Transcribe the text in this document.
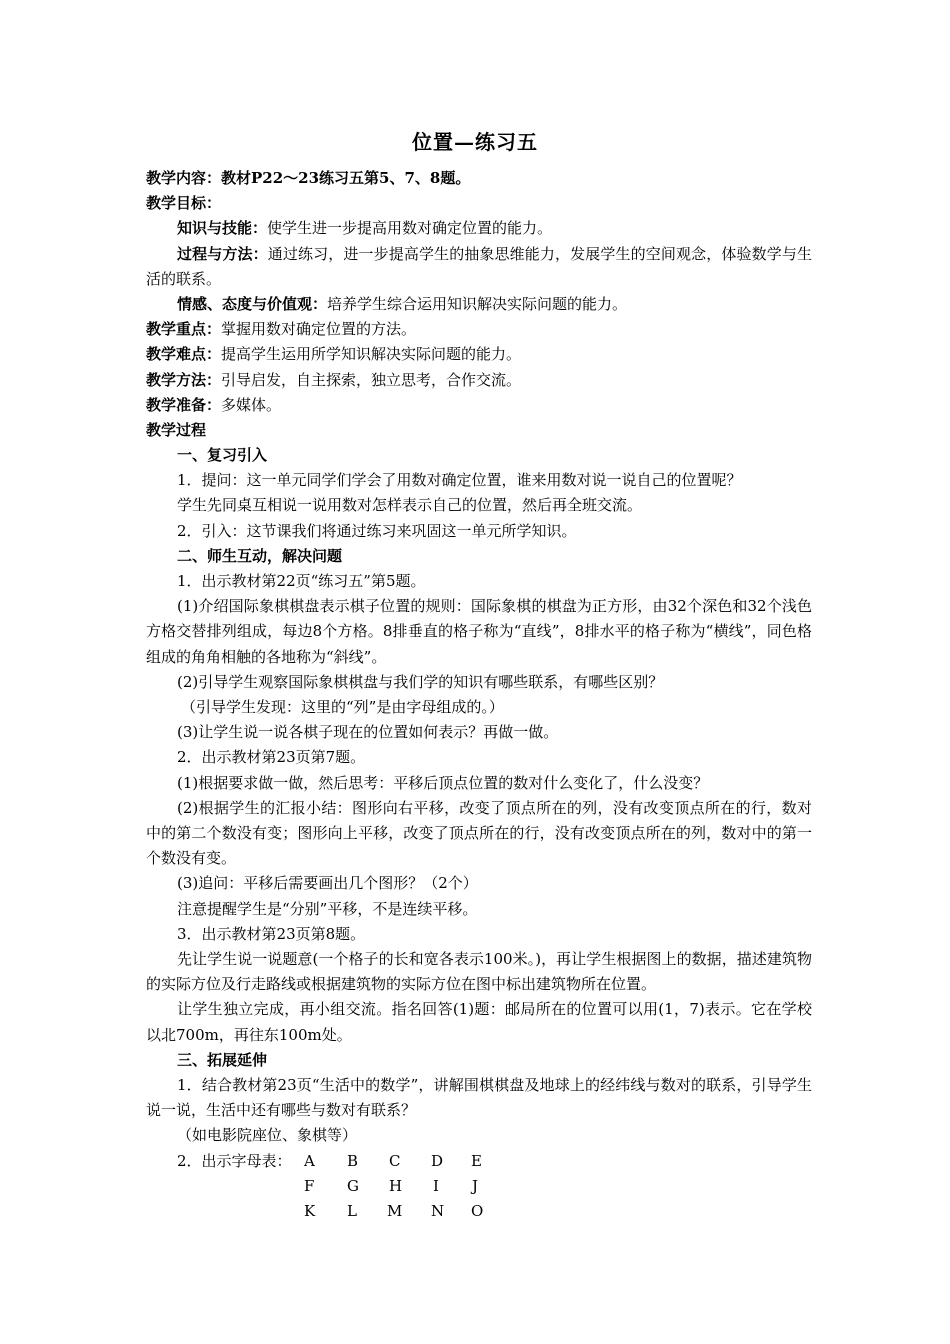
位置—练习五
教学内容：教材P22～23练习五第5、7、8题。
教学目标：
知识与技能：使学生进一步提高用数对确定位置的能力。
过程与方法：通过练习，进一步提高学生的抽象思维能力，发展学生的空间观念，体验数学与生活的联系。
情感、态度与价值观：培养学生综合运用知识解决实际问题的能力。
教学重点：掌握用数对确定位置的方法。
教学难点：提高学生运用所学知识解决实际问题的能力。
教学方法：引导启发，自主探索，独立思考，合作交流。
教学准备：多媒体。
教学过程
一、复习引入
1．提问：这一单元同学们学会了用数对确定位置，谁来用数对说一说自己的位置呢？
学生先同桌互相说一说用数对怎样表示自己的位置，然后再全班交流。
2．引入：这节课我们将通过练习来巩固这一单元所学知识。
二、师生互动，解决问题
1．出示教材第22页“练习五”第5题。
(1)介绍国际象棋棋盘表示棋子位置的规则：国际象棋的棋盘为正方形，由32个深色和32个浅色方格交替排列组成，每边8个方格。8排垂直的格子称为“直线”，8排水平的格子称为“横线”，同色格组成的角角相触的各地称为“斜线”。
(2)引导学生观察国际象棋棋盘与我们学的知识有哪些联系，有哪些区别？
（引导学生发现：这里的“列”是由字母组成的。）
(3)让学生说一说各棋子现在的位置如何表示？再做一做。
2．出示教材第23页第7题。
(1)根据要求做一做，然后思考：平移后顶点位置的数对什么变化了，什么没变？
(2)根据学生的汇报小结：图形向右平移，改变了顶点所在的列，没有改变顶点所在的行，数对中的第二个数没有变；图形向上平移，改变了顶点所在的行，没有改变顶点所在的列，数对中的第一个数没有变。
(3)追问：平移后需要画出几个图形？（2个）
注意提醒学生是“分别”平移，不是连续平移。
3．出示教材第23页第8题。
先让学生说一说题意(一个格子的长和宽各表示100米。)，再让学生根据图上的数据，描述建筑物的实际方位及行走路线或根据建筑物的实际方位在图中标出建筑物所在位置。
让学生独立完成，再小组交流。指名回答(1)题：邮局所在的位置可以用(1，7)表示。它在学校以北700m，再往东100m处。
三、拓展延伸
1．结合教材第23页“生活中的数学”，讲解围棋棋盘及地球上的经纬线与数对的联系，引导学生说一说，生活中还有哪些与数对有联系？
（如电影院座位、象棋等）
2．出示字母表： A B C D E
F G H I J
K L M N O
